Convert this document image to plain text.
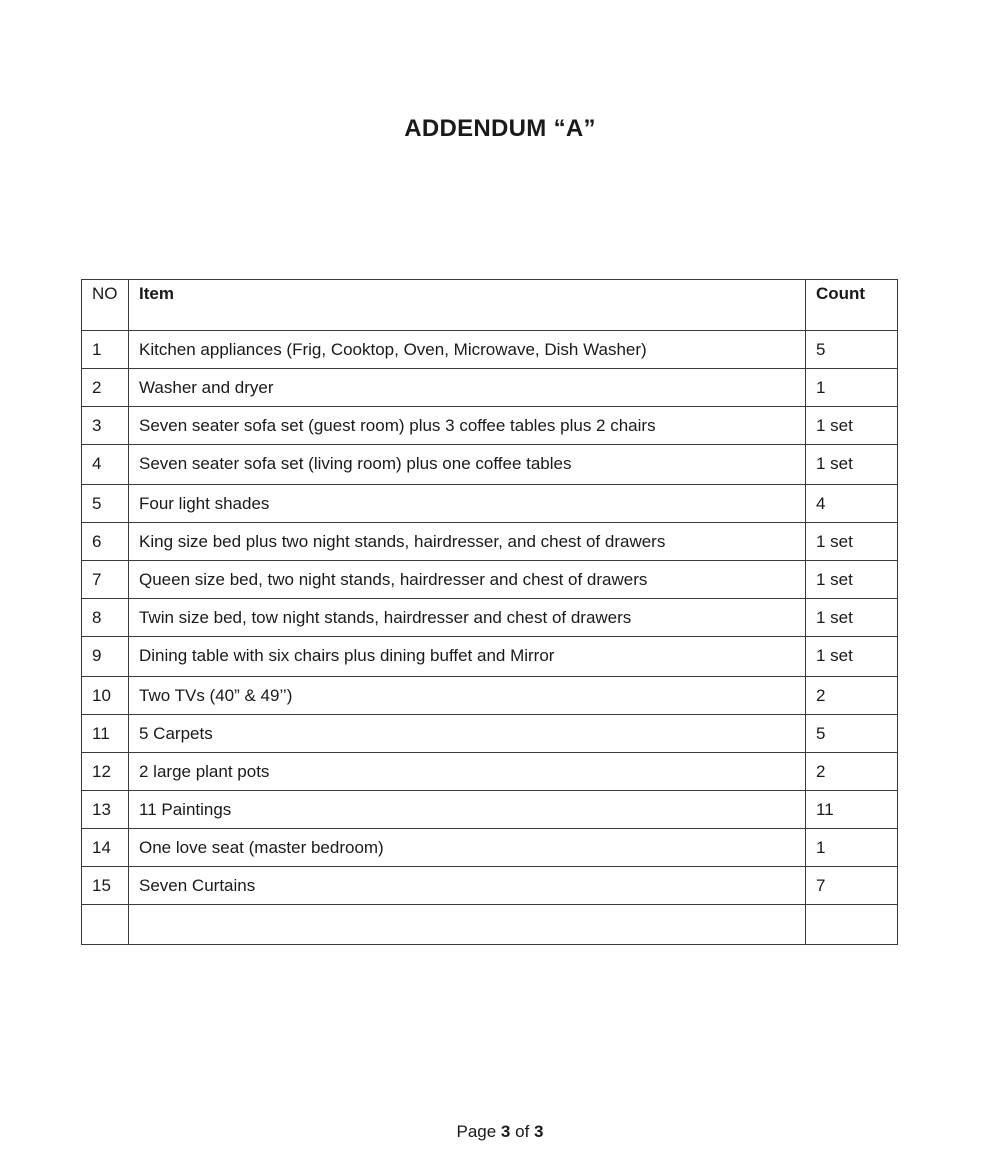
ADDENDUM “A”
NO	Item	Count
1	Kitchen appliances (Frig, Cooktop, Oven, Microwave, Dish Washer)	5
2	Washer and dryer	1
3	Seven seater sofa set (guest room) plus 3 coffee tables plus 2 chairs	1 set
4	Seven seater sofa set (living room) plus one coffee tables	1 set
5	Four light shades	4
6	King size bed plus two night stands, hairdresser, and chest of drawers	1 set
7	Queen size bed, two night stands, hairdresser and chest of drawers	1 set
8	Twin size bed, tow night stands, hairdresser and chest of drawers	1 set
9	Dining table with six chairs plus dining buffet and Mirror	1 set
10	Two TVs (40” & 49’’)	2
11	5 Carpets	5
12	2 large plant pots	2
13	11 Paintings	11
14	One love seat (master bedroom)	1
15	Seven Curtains	7

Page 3 of 3
